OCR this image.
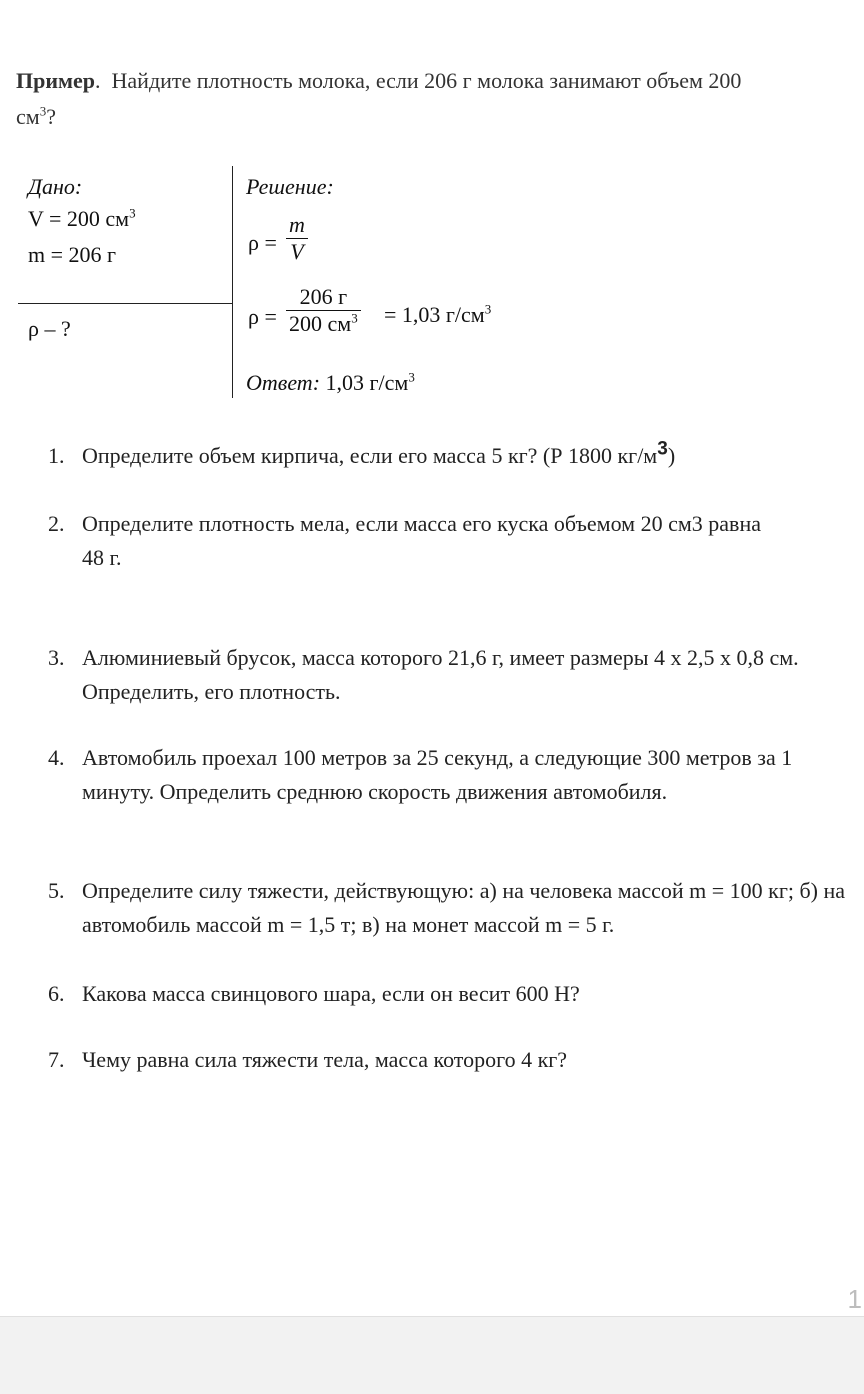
Пример.  Найдите плотность молока, если 206 г молока занимают объем 200
$см^3$?

Дано:
V = 200 $см^3$
m = 206 г
ρ – ?
Решение:
ρ =
m
V
ρ =
206 г
200 $см^3 = 1,03$ $г/см^3$
Ответ: 1,03 $г/см^3$
1. Определите объем кирпича, если его масса 5 кг? (Р 1800 кг/м3)
2. Определите плотность мела, если масса его куска объемом 20 см3 равна 48 г.
3. Алюминиевый брусок, масса которого 21,6 г, имеет размеры 4 х 2,5 х 0,8 см. Определить, его плотность.
4. Автомобиль проехал 100 метров за 25 секунд, а следующие 300 метров за 1 минуту. Определить среднюю скорость движения автомобиля.
5. Определите силу тяжести, действующую: а) на человека массой m = 100 кг; б) на автомобиль массой m = 1,5 т; в) на монет массой m = 5 г.
6. Какова масса свинцового шара, если он весит 600 Н?
7. Чему равна сила тяжести тела, масса которого 4 кг?
1
